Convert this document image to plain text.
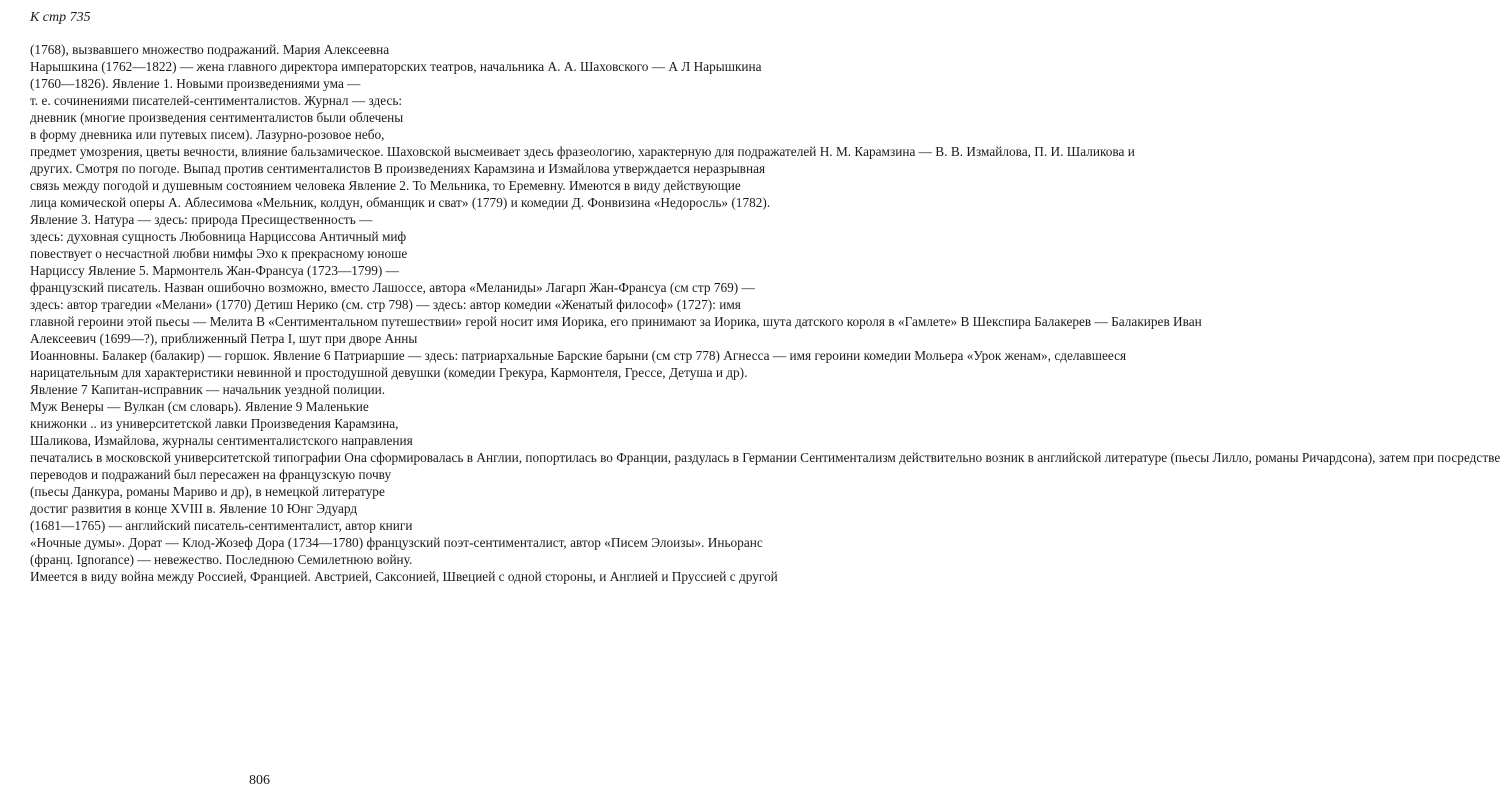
К стр 735
(1768), вызвавшего множество подражаний. Мария Алексеевна
Нарышкина (1762—1822) — жена главного директора императорских театров, начальника А. А. Шаховского — А Л Нарышкина
(1760—1826). Явление 1. Новыми произведениями ума —
т. е. сочинениями писателей-сентименталистов. Журнал — здесь:
дневник (многие произведения сентименталистов были облечены
в форму дневника или путевых писем). Лазурно-розовое небо,
предмет умозрения, цветы вечности, влияние бальзамическое. Шаховской высмеивает здесь фразеологию, характерную для подражателей Н. М. Карамзина — В. В. Измайлова, П. И. Шаликова и
других. Смотря по погоде. Выпад против сентименталистов В произведениях Карамзина и Измайлова утверждается неразрывная
связь между погодой и душевным состоянием человека Явление 2. То Мельника, то Еремевну. Имеются в виду действующие
лица комической оперы А. Аблесимова «Мельник, колдун, обманщик и сват» (1779) и комедии Д. Фонвизина «Недоросль» (1782).
Явление 3. Натура — здесь: природа Пресищественность —
здесь: духовная сущность Любовница Нарциссова Античный миф
повествует о несчастной любви нимфы Эхо к прекрасному юноше
Нарциссу Явление 5. Мармонтель Жан-Франсуа (1723—1799) —
французский писатель. Назван ошибочно возможно, вместо Лашоссе, автора «Меланиды» Лагарп Жан-Франсуа (см стр 769) —
здесь: автор трагедии «Мелани» (1770) Детиш Нерико (см. стр 798) — здесь: автор комедии «Женатый философ» (1727): имя
главной героини этой пьесы — Мелита В «Сентиментальном путешествии» герой носит имя Иорика, его принимают за Иорика, шута датского короля в «Гамлете» В Шекспира Балакерев — Балакирев Иван
Алексеевич (1699—?), приближенный Петра I, шут при дворе Анны
Иоанновны. Балакер (балакир) — горшок. Явление 6 Патриаршие — здесь: патриархальные Барские барыни (см стр 778) Агнесса — имя героини комедии Мольера «Урок женам», сделавшееся
нарицательным для характеристики невинной и простодушной девушки (комедии Грекура, Кармонтеля, Грессе, Детуша и др).
Явление 7 Капитан-исправник — начальник уездной полиции.
Муж Венеры — Вулкан (см словарь). Явление 9 Маленькие
книжонки .. из университетской лавки Произведения Карамзина,
Шаликова, Измайлова, журналы сентименталистского направления
печатались в московской университетской типографии Она сформировалась в Англии, попортилась во Франции, раздулась в Германии Сентиментализм действительно возник в английской литературе (пьесы Лилло, романы Ричардсона), затем при посредстве
переводов и подражаний был пересажен на французскую почву
(пьесы Данкура, романы Мариво и др), в немецкой литературе
достиг развития в конце XVIII в. Явление 10 Юнг Эдуард
(1681—1765) — английский писатель-сентименталист, автор книги
«Ночные думы». Дорат — Клод-Жозеф Дора (1734—1780) французский поэт-сентименталист, автор «Писем Элоизы». Иньоранс
(франц. Ignorance) — невежество. Последнюю Семилетнюю войну.
Имеется в виду война между Россией, Францией. Австрией, Саксонией, Швецией с одной стороны, и Англией и Пруссией с другой
806
